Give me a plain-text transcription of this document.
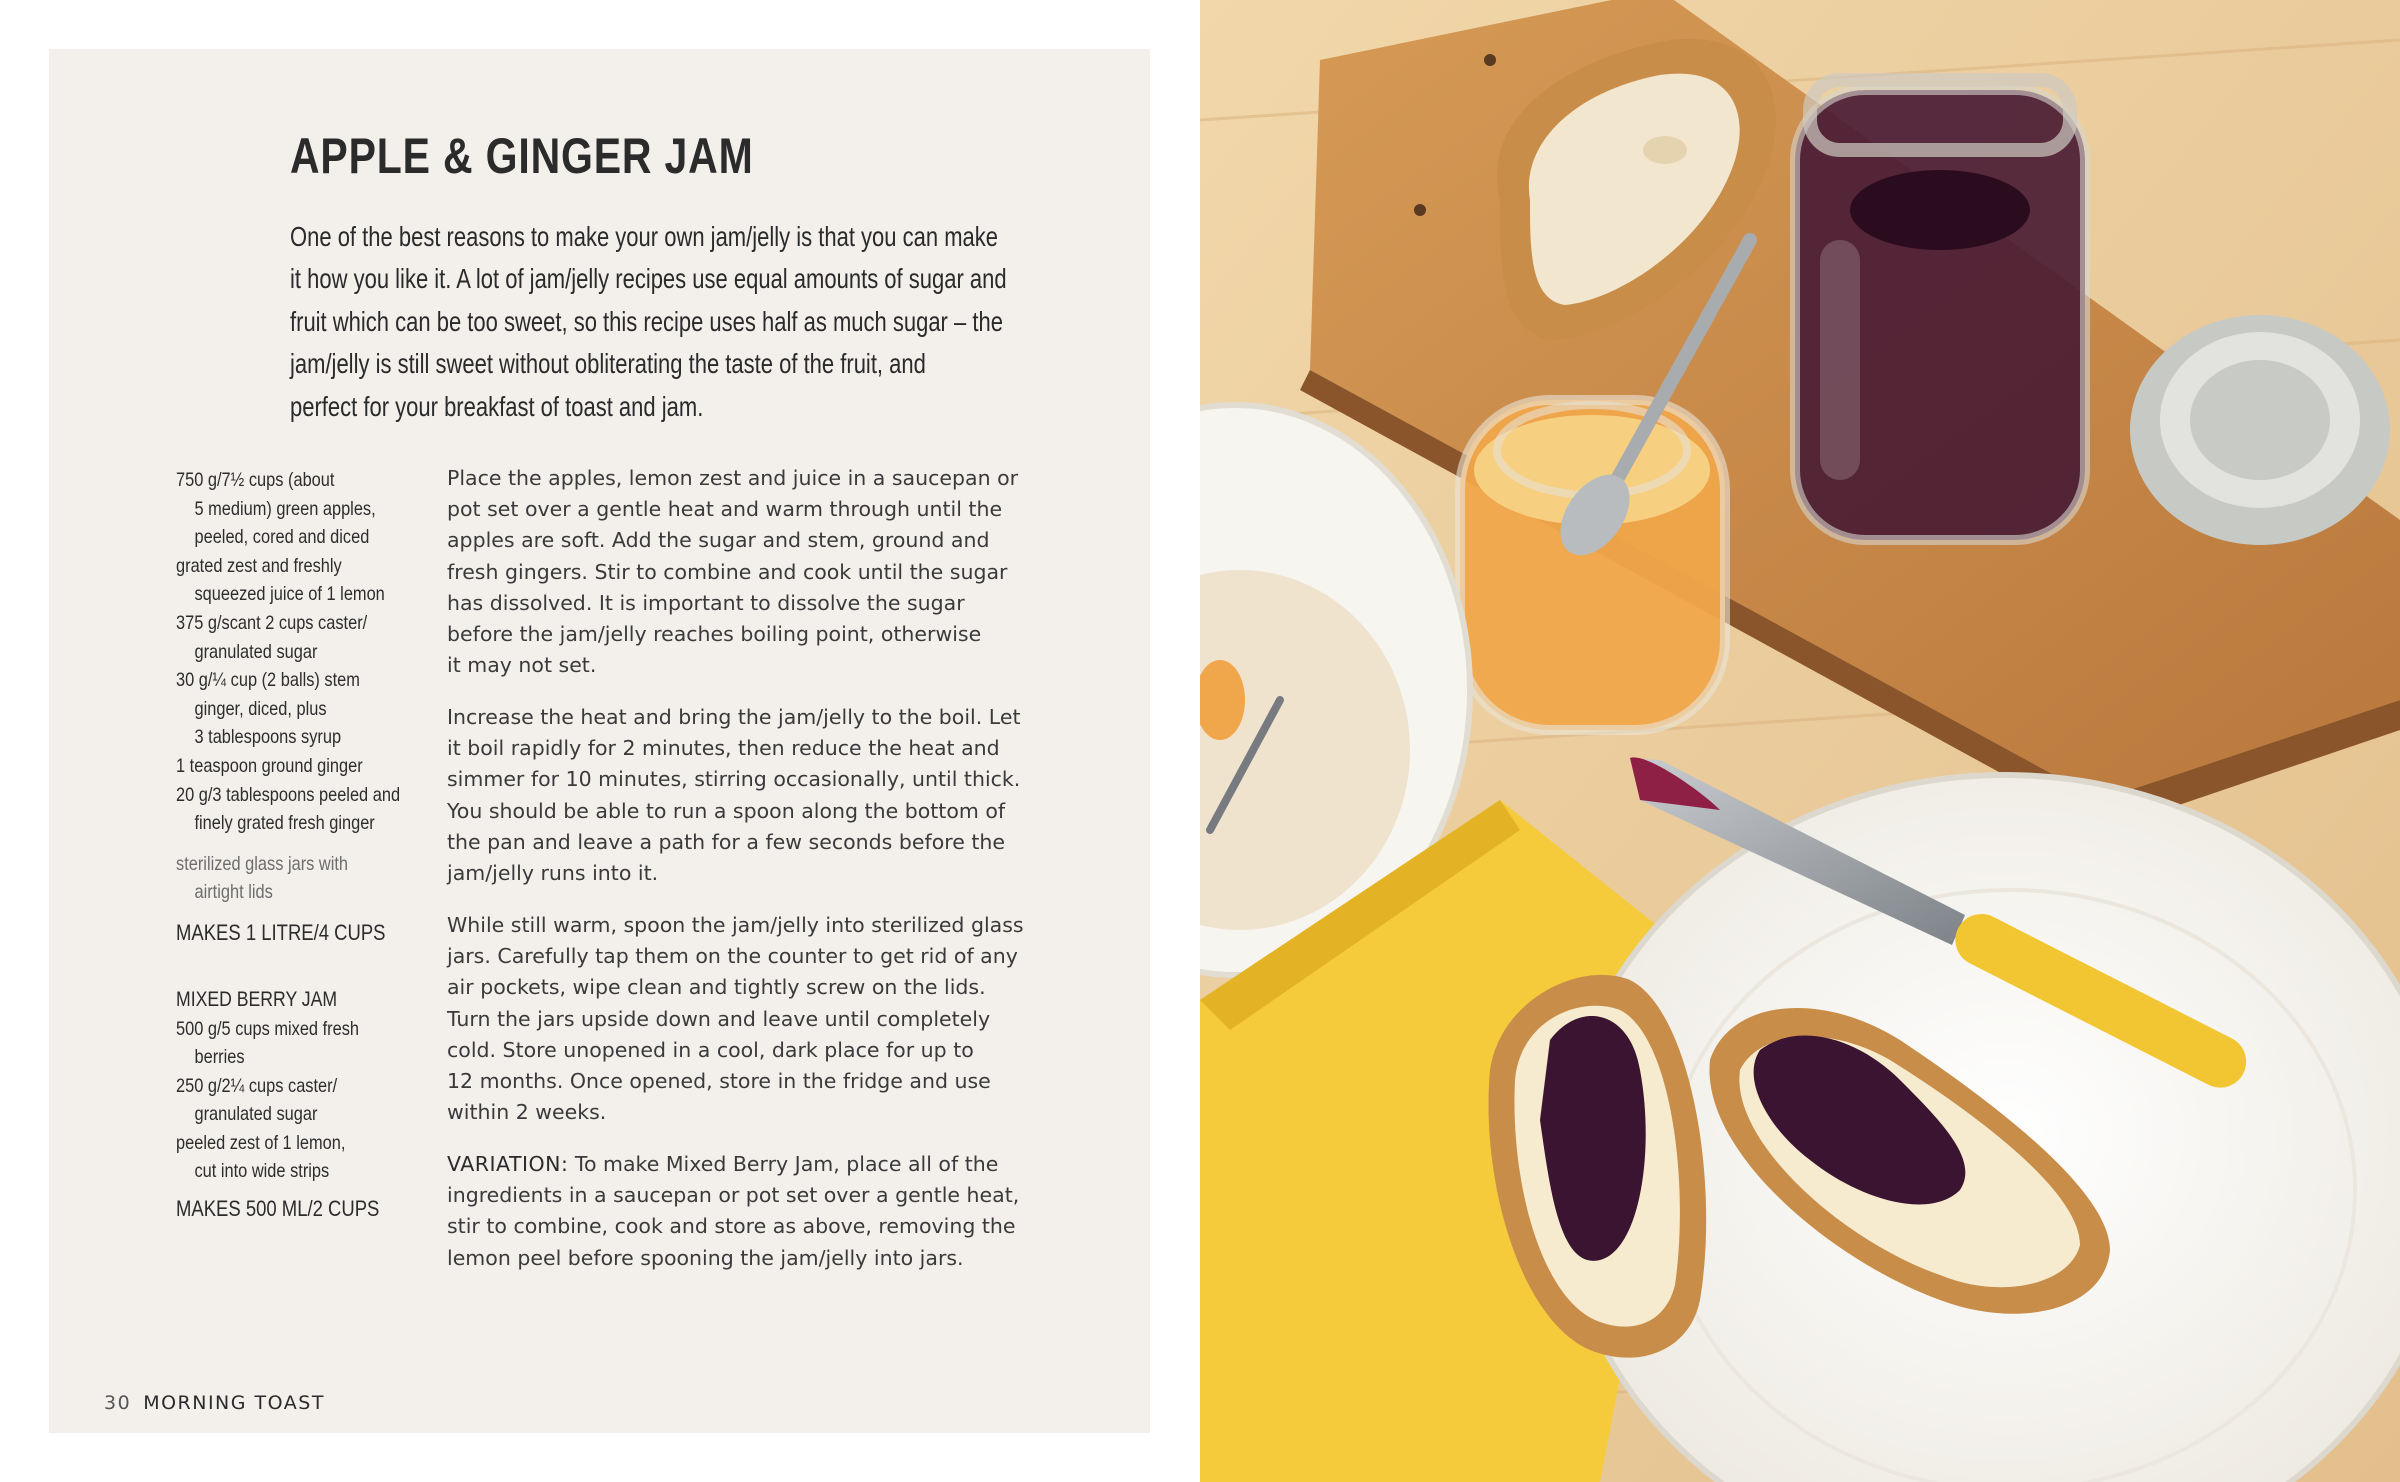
APPLE & GINGER JAM
One of the best reasons to make your own jam/jelly is that you can make
it how you like it. A lot of jam/jelly recipes use equal amounts of sugar and
fruit which can be too sweet, so this recipe uses half as much sugar – the
jam/jelly is still sweet without obliterating the taste of the fruit, and
perfect for your breakfast of toast and jam.
750 g/7½ cups (about
5 medium) green apples,
peeled, cored and diced
grated zest and freshly
squeezed juice of 1 lemon
375 g/scant 2 cups caster/
granulated sugar
30 g/¼ cup (2 balls) stem
ginger, diced, plus
3 tablespoons syrup
1 teaspoon ground ginger
20 g/3 tablespoons peeled and
finely grated fresh ginger
sterilized glass jars with
airtight lids
MAKES 1 LITRE/4 CUPS
MIXED BERRY JAM
500 g/5 cups mixed fresh
berries
250 g/2¼ cups caster/
granulated sugar
peeled zest of 1 lemon,
cut into wide strips
MAKES 500 ML/2 CUPS
Place the apples, lemon zest and juice in a saucepan or
pot set over a gentle heat and warm through until the
apples are soft. Add the sugar and stem, ground and
fresh gingers. Stir to combine and cook until the sugar
has dissolved. It is important to dissolve the sugar
before the jam/jelly reaches boiling point, otherwise
it may not set.
Increase the heat and bring the jam/jelly to the boil. Let
it boil rapidly for 2 minutes, then reduce the heat and
simmer for 10 minutes, stirring occasionally, until thick.
You should be able to run a spoon along the bottom of
the pan and leave a path for a few seconds before the
jam/jelly runs into it.
While still warm, spoon the jam/jelly into sterilized glass
jars. Carefully tap them on the counter to get rid of any
air pockets, wipe clean and tightly screw on the lids.
Turn the jars upside down and leave until completely
cold. Store unopened in a cool, dark place for up to
12 months. Once opened, store in the fridge and use
within 2 weeks.
VARIATION: To make Mixed Berry Jam, place all of the
ingredients in a saucepan or pot set over a gentle heat,
stir to combine, cook and store as above, removing the
lemon peel before spooning the jam/jelly into jars.
30 MORNING TOAST
